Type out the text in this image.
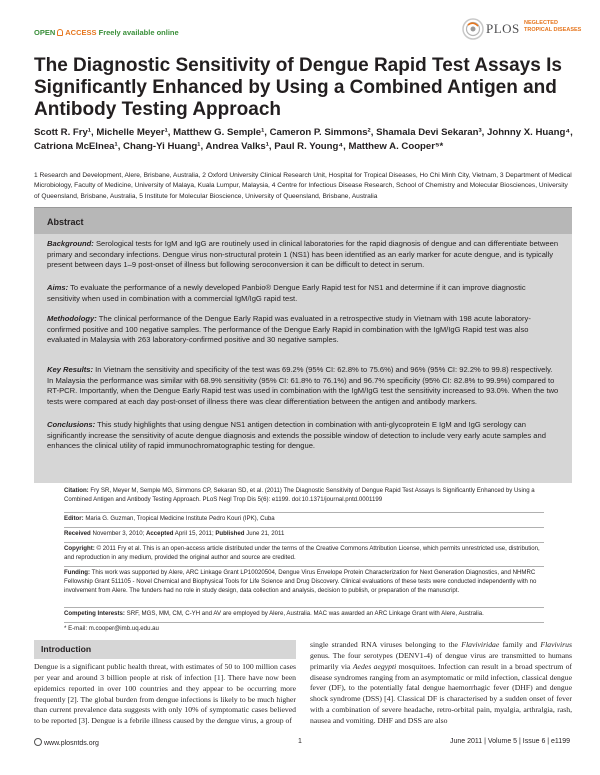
OPEN ACCESS Freely available online	PLOS NEGLECTED
TROPICAL DISEASES
The Diagnostic Sensitivity of Dengue Rapid Test Assays Is Significantly Enhanced by Using a Combined Antigen and Antibody Testing Approach
Scott R. Fry¹, Michelle Meyer¹, Matthew G. Semple¹, Cameron P. Simmons², Shamala Devi Sekaran³, Johnny X. Huang⁴, Catriona McElnea¹, Chang-Yi Huang¹, Andrea Valks¹, Paul R. Young⁴, Matthew A. Cooper⁵*
1 Research and Development, Alere, Brisbane, Australia, 2 Oxford University Clinical Research Unit, Hospital for Tropical Diseases, Ho Chi Minh City, Vietnam, 3 Department of Medical Microbiology, Faculty of Medicine, University of Malaya, Kuala Lumpur, Malaysia, 4 Centre for Infectious Disease Research, School of Chemistry and Molecular Biosciences, University of Queensland, Brisbane, Australia, 5 Institute for Molecular Bioscience, University of Queensland, Brisbane, Australia
Abstract
Background: Serological tests for IgM and IgG are routinely used in clinical laboratories for the rapid diagnosis of dengue and can differentiate between primary and secondary infections. Dengue virus non-structural protein 1 (NS1) has been identified as an early marker for acute dengue, and is typically present between days 1–9 post-onset of illness but following seroconversion it can be difficult to detect in serum.
Aims: To evaluate the performance of a newly developed Panbio® Dengue Early Rapid test for NS1 and determine if it can improve diagnostic sensitivity when used in combination with a commercial IgM/IgG rapid test.
Methodology: The clinical performance of the Dengue Early Rapid was evaluated in a retrospective study in Vietnam with 198 acute laboratory-confirmed positive and 100 negative samples. The performance of the Dengue Early Rapid in combination with the IgM/IgG Rapid test was also evaluated in Malaysia with 263 laboratory-confirmed positive and 30 negative samples.
Key Results: In Vietnam the sensitivity and specificity of the test was 69.2% (95% CI: 62.8% to 75.6%) and 96% (95% CI: 92.2% to 99.8) respectively. In Malaysia the performance was similar with 68.9% sensitivity (95% CI: 61.8% to 76.1%) and 96.7% specificity (95% CI: 82.8% to 99.9%) compared to RT-PCR. Importantly, when the Dengue Early Rapid test was used in combination with the IgM/IgG test the sensitivity increased to 93.0%. When the two tests were compared at each day post-onset of illness there was clear differentiation between the antigen and antibody markers.
Conclusions: This study highlights that using dengue NS1 antigen detection in combination with anti-glycoprotein E IgM and IgG serology can significantly increase the sensitivity of acute dengue diagnosis and extends the possible window of detection to include very early acute samples and enhances the clinical utility of rapid immunochromatographic testing for dengue.
Citation: Fry SR, Meyer M, Semple MG, Simmons CP, Sekaran SD, et al. (2011) The Diagnostic Sensitivity of Dengue Rapid Test Assays Is Significantly Enhanced by Using a Combined Antigen and Antibody Testing Approach. PLoS Negl Trop Dis 5(6): e1199. doi:10.1371/journal.pntd.0001199
Editor: Maria G. Guzman, Tropical Medicine Institute Pedro Kouri (IPK), Cuba
Received November 3, 2010; Accepted April 15, 2011; Published June 21, 2011
Copyright: © 2011 Fry et al. This is an open-access article distributed under the terms of the Creative Commons Attribution License, which permits unrestricted use, distribution, and reproduction in any medium, provided the original author and source are credited.
Funding: This work was supported by Alere, ARC Linkage Grant LP10020504, Dengue Virus Envelope Protein Characterization for Next Generation Diagnostics, and NHMRC Fellowship Grant 511105 - Novel Chemical and Biophysical Tools for Life Science and Drug Discovery. Clinical evaluations of these tests were conducted independently with no involvement from Alere. The funders had no role in study design, data collection and analysis, decision to publish, or preparation of the manuscript.
Competing Interests: SRF, MGS, MM, CM, C-YH and AV are employed by Alere, Australia. MAC was awarded an ARC Linkage Grant with Alere, Australia.
* E-mail: m.cooper@imb.uq.edu.au
Introduction
Dengue is a significant public health threat, with estimates of 50 to 100 million cases per year and around 3 billion people at risk of infection [1]. There have now been epidemics reported in over 100 countries and they appear to be occurring more frequently [2]. The global burden from dengue infections is likely to be much higher than current prevalence data suggests with only 10% of symptomatic cases believed to be reported [3]. Dengue is a febrile illness caused by the dengue virus, a group of
single stranded RNA viruses belonging to the Flaviviridae family and Flavivirus genus. The four serotypes (DENV1-4) of dengue virus are transmitted to humans primarily via Aedes aegypti mosquitoes. Infection can result in a broad spectrum of disease syndromes ranging from an asymptomatic or mild infection, classical dengue fever (DF), to the potentially fatal dengue haemorrhagic fever (DHF) and dengue shock syndrome (DSS) [4]. Classical DF is characterised by a sudden onset of fever with a combination of severe headache, retro-orbital pain, myalgia, arthralgia, rash, nausea and vomiting. DHF and DSS are also
www.plosntds.org	1	June 2011 | Volume 5 | Issue 6 | e1199
